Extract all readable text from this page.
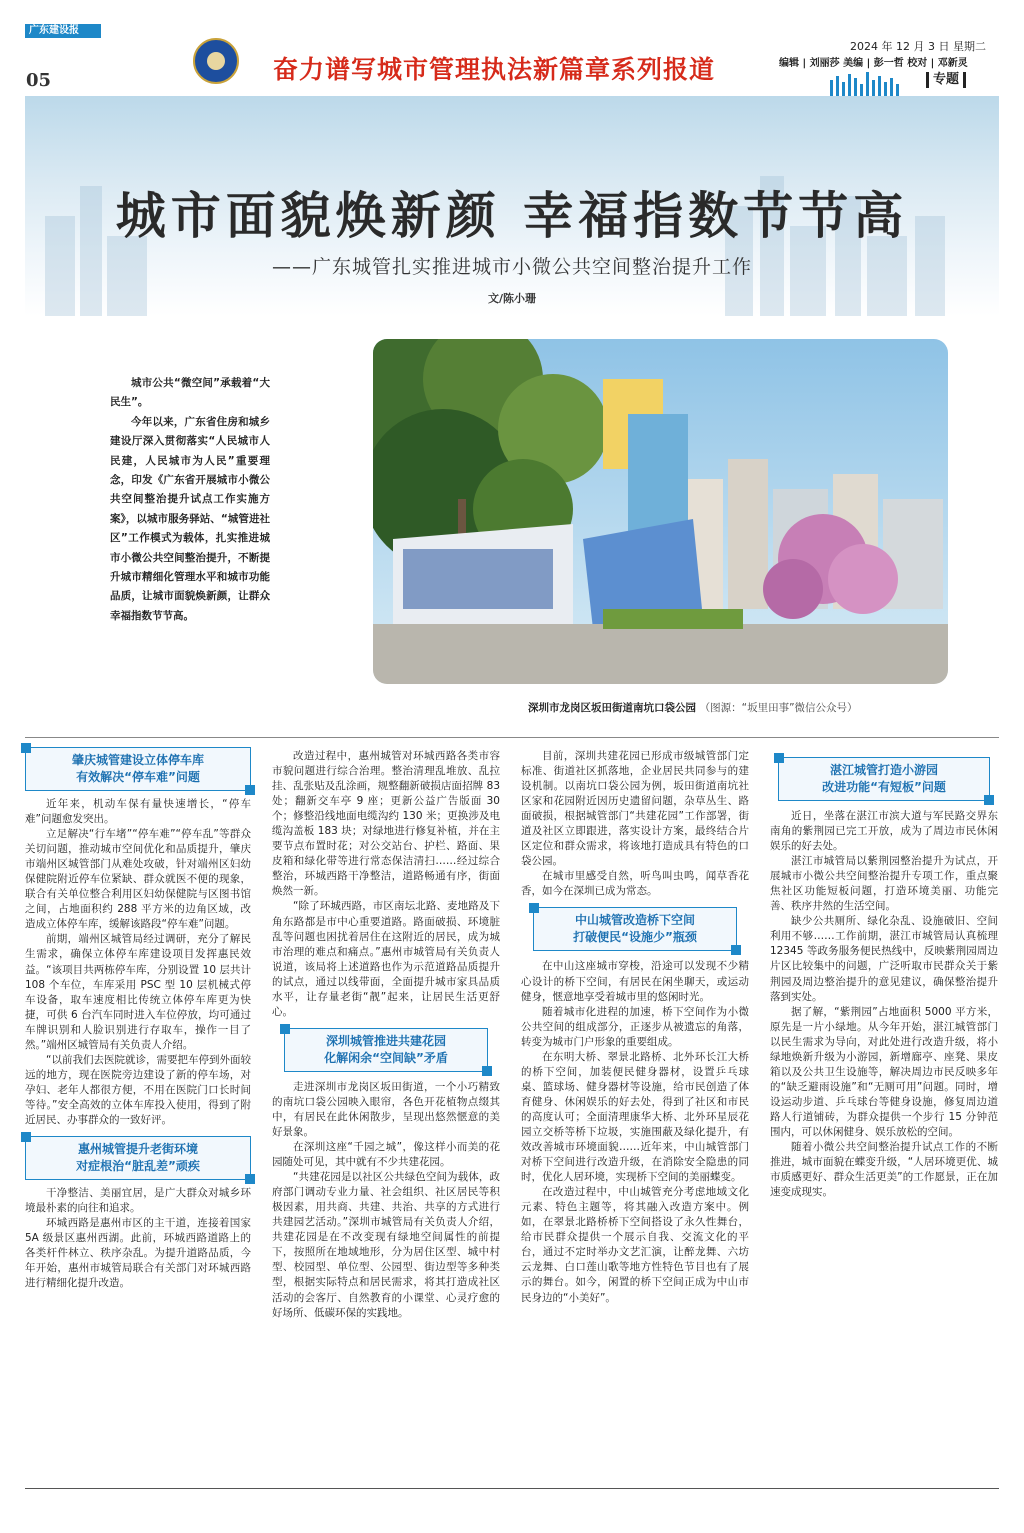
广东建设报
05	奋力谱写城市管理执法新篇章系列报道
2024 年 12 月 3 日 星期二
编辑 | 刘丽莎 美编 | 彭一哲 校对 | 邓新灵
专题
城市面貌焕新颜 幸福指数节节高
——广东城管扎实推进城市小微公共空间整治提升工作
文/陈小珊

城市公共“微空间”承载着“大民生”。

今年以来，广东省住房和城乡建设厅深入贯彻落实“人民城市人民建，人民城市为人民”重要理念，印发《广东省开展城市小微公共空间整治提升试点工作实施方案》，以城市服务驿站、“城管进社区”工作模式为载体，扎实推进城市小微公共空间整治提升，不断提升城市精细化管理水平和城市功能品质，让城市面貌焕新颜，让群众幸福指数节节高。

深圳市龙岗区坂田街道南坑口袋公园 （图源：“坂里田事”微信公众号）
肇庆城管建设立体停车库
有效解决“停车难”问题

近年来，机动车保有量快速增长，“停车难”问题愈发突出。

立足解决“行车堵”“停车难”“停车乱”等群众关切问题，推动城市空间优化和品质提升，肇庆市端州区城管部门从难处攻破，针对端州区妇幼保健院附近停车位紧缺、群众就医不便的现象，联合有关单位整合利用区妇幼保健院与区图书馆之间，占地面积约 288 平方米的边角区域，改造成立体停车库，缓解该路段“停车难”问题。

前期，端州区城管局经过调研，充分了解民生需求，确保立体停车库建设项目发挥惠民效益。“该项目共两栋停车库，分别设置 10 层共计 108 个车位，车库采用 PSC 型 10 层机械式停车设备，取车速度相比传统立体停车库更为快捷，可供 6 台汽车同时进入车位停放，均可通过车牌识别和人脸识别进行存取车，操作一目了然。”端州区城管局有关负责人介绍。

“以前我们去医院就诊，需要把车停到外面较远的地方，现在医院旁边建设了新的停车场，对孕妇、老年人都很方便，不用在医院门口长时间等待。”安全高效的立体车库投入使用，得到了附近居民、办事群众的一致好评。

惠州城管提升老街环境
对症根治“脏乱差”顽疾

干净整洁、美丽宜居，是广大群众对城乡环境最朴素的向往和追求。

环城西路是惠州市区的主干道，连接着国家 5A 级景区惠州西湖。此前，环城西路道路上的各类杆件林立、秩序杂乱。为提升道路品质，今年开始，惠州市城管局联合有关部门对环城西路进行精细化提升改造。

改造过程中，惠州城管对环城西路各类市容市貌问题进行综合治理。整治清理乱堆放、乱拉挂、乱张贴及乱涂画，规整翻新破损店面招牌 83 处；翻新交车亭 9 座；更新公益广告版面 30 个；修整沿线地面电缆沟约 130 米；更换涉及电缆沟盖板 183 块；对绿地进行修复补植，并在主要节点布置时花；对公交站台、护栏、路面、果皮箱和绿化带等进行常态保洁清扫……经过综合整治，环城西路干净整洁，道路畅通有序，街面焕然一新。

“除了环城西路，市区南坛北路、麦地路及下角东路都是市中心重要道路。路面破损、环境脏乱等问题也困扰着居住在这附近的居民，成为城市治理的难点和痛点。”惠州市城管局有关负责人说道，该局将上述道路也作为示范道路品质提升的试点，通过以线带面，全面提升城市家具品质水平，让存量老街“靓”起来，让居民生活更舒心。

深圳城管推进共建花园
化解闲余“空间缺”矛盾

走进深圳市龙岗区坂田街道，一个小巧精致的南坑口袋公园映入眼帘，各色开花植物点缀其中，有居民在此休闲散步，呈现出悠然惬意的美好景象。

在深圳这座“千园之城”，像这样小而美的花园随处可见，其中就有不少共建花园。

“共建花园是以社区公共绿色空间为载体，政府部门调动专业力量、社会组织、社区居民等积极因素，用共商、共建、共治、共享的方式进行共建园艺活动。”深圳市城管局有关负责人介绍，共建花园是在不改变现有绿地空间属性的前提下，按照所在地域地形，分为居住区型、城中村型、校园型、单位型、公园型、街边型等多种类型，根据实际特点和居民需求，将其打造成社区活动的会客厅、自然教育的小课堂、心灵疗愈的好场所、低碳环保的实践地。

目前，深圳共建花园已形成市级城管部门定标准、街道社区抓落地，企业居民共同参与的建设机制。以南坑口袋公园为例，坂田街道南坑社区家和花园附近因历史遗留问题，杂草丛生、路面破损，根据城管部门“共建花园”工作部署，街道及社区立即跟进，落实设计方案，最终结合片区定位和群众需求，将该地打造成具有特色的口袋公园。

在城市里感受自然，听鸟叫虫鸣，闻草香花香，如今在深圳已成为常态。

中山城管改造桥下空间
打破便民“设施少”瓶颈

在中山这座城市穿梭，沿途可以发现不少精心设计的桥下空间，有居民在闲坐聊天，或运动健身，惬意地享受着城市里的悠闲时光。

随着城市化进程的加速，桥下空间作为小微公共空间的组成部分，正逐步从被遗忘的角落，转变为城市门户形象的重要组成。

在东明大桥、翠景北路桥、北外环长江大桥的桥下空间，加装便民健身器材，设置乒乓球桌、篮球场、健身器材等设施，给市民创造了体育健身、休闲娱乐的好去处，得到了社区和市民的高度认可；全面清理康华大桥、北外环星辰花园立交桥等桥下垃圾，实施围蔽及绿化提升，有效改善城市环境面貌……近年来，中山城管部门对桥下空间进行改造升级，在消除安全隐患的同时，优化人居环境，实现桥下空间的美丽蝶变。

在改造过程中，中山城管充分考虑地域文化元素、特色主题等，将其融入改造方案中。例如，在翠景北路桥桥下空间搭设了永久性舞台，给市民群众提供一个展示自我、交流文化的平台，通过不定时举办文艺汇演，让醉龙舞、六坊云龙舞、白口莲山歌等地方性特色节目也有了展示的舞台。如今，闲置的桥下空间正成为中山市民身边的“小美好”。

湛江城管打造小游园
改进功能“有短板”问题

近日，坐落在湛江市滨大道与军民路交界东南角的紫荆园已完工开放，成为了周边市民休闲娱乐的好去处。

湛江市城管局以紫荆园整治提升为试点，开展城市小微公共空间整治提升专项工作，重点聚焦社区功能短板问题，打造环境美丽、功能完善、秩序井然的生活空间。

缺少公共厕所、绿化杂乱、设施破旧、空间利用不够……工作前期，湛江市城管局认真梳理 12345 等政务服务便民热线中，反映紫荆园周边片区比较集中的问题，广泛听取市民群众关于紫荆园及周边整治提升的意见建议，确保整治提升落到实处。

据了解，“紫荆园”占地面积 5000 平方米，原先是一片小绿地。从今年开始，湛江城管部门以民生需求为导向，对此处进行改造升级，将小绿地焕新升级为小游园，新增廊亭、座凳、果皮箱以及公共卫生设施等，解决周边市民反映多年的“缺乏避雨设施”和“无厕可用”问题。同时，增设运动步道、乒乓球台等健身设施，修复周边道路人行道铺砖，为群众提供一个步行 15 分钟范围内，可以休闲健身、娱乐放松的空间。

随着小微公共空间整治提升试点工作的不断推进，城市面貌在蝶变升级，“人居环境更优、城市质感更好、群众生活更美”的工作愿景，正在加速变成现实。
